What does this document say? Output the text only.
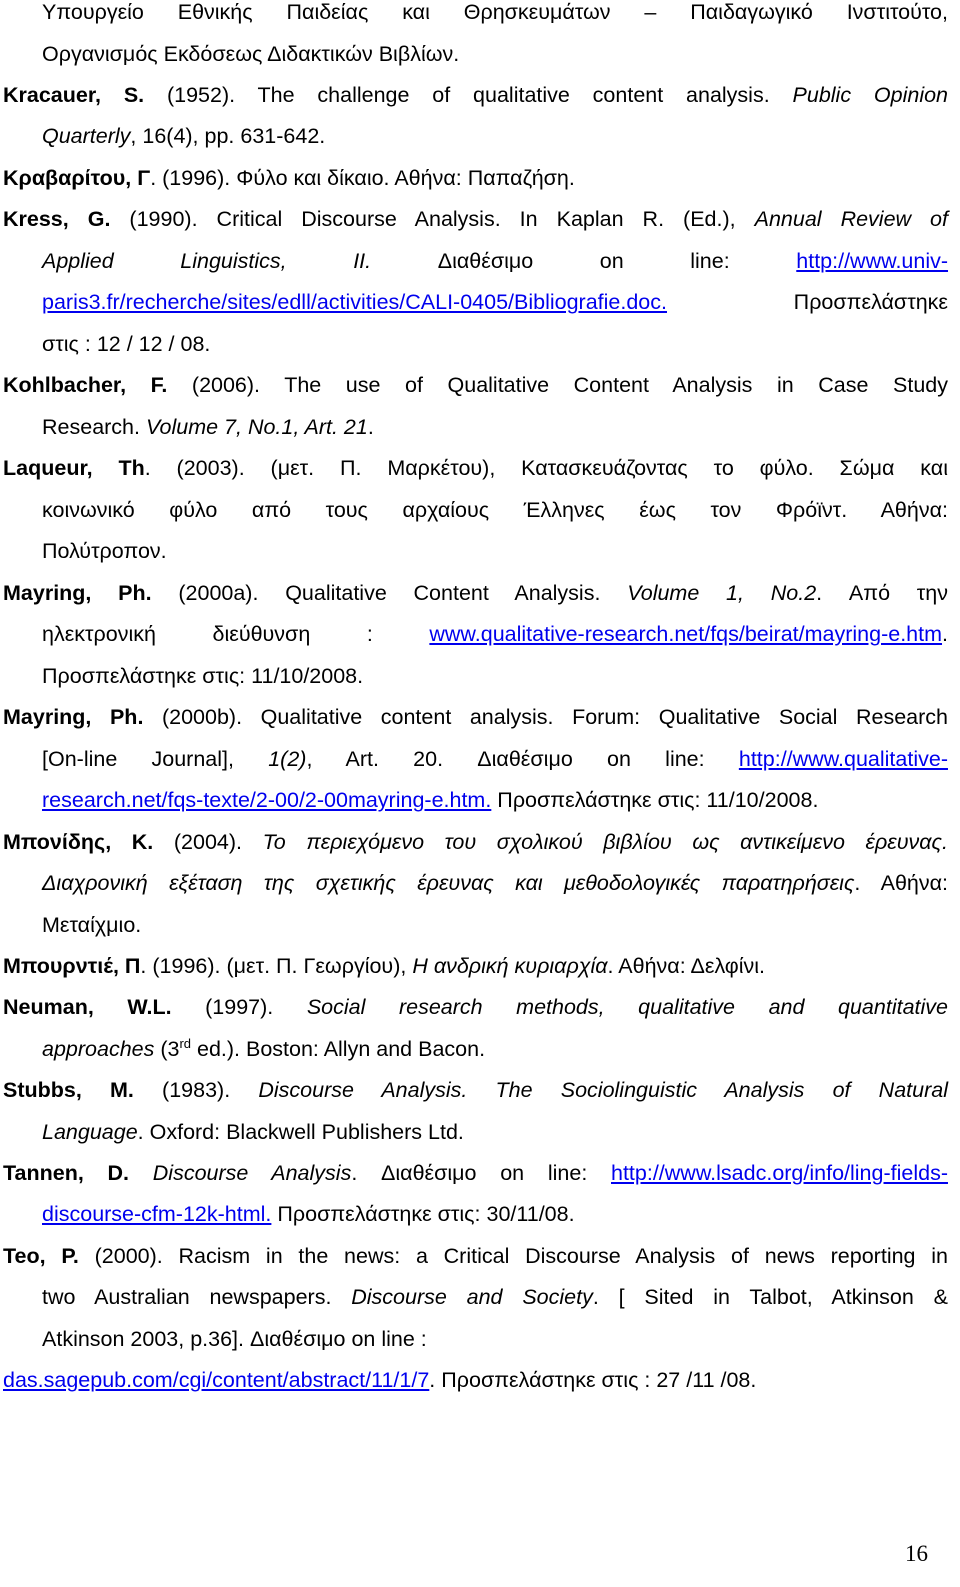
Υπουργείο Εθνικής Παιδείας και Θρησκευμάτων – Παιδαγωγικό Ινστιτούτο,
Οργανισμός Εκδόσεως Διδακτικών Βιβλίων.
Kracauer, S. (1952). The challenge of qualitative content analysis. Public Opinion
Quarterly, 16(4), pp. 631-642.
Κραβαρίτου, Γ. (1996). Φύλο και δίκαιο. Αθήνα: Παπαζήση.
Kress, G. (1990). Critical Discourse Analysis. In Kaplan R. (Ed.), Annual Review of
Applied Linguistics, II. Διαθέσιμο on line: http://www.univ-
paris3.fr/recherche/sites/edll/activities/CALI-0405/Bibliografie.doc. Προσπελάστηκε
στις : 12 / 12 / 08.
Kohlbacher, F. (2006). The use of Qualitative Content Analysis in Case Study
Research. Volume 7, No.1, Art. 21.
Laqueur, Th. (2003). (μετ. Π. Μαρκέτου), Κατασκευάζοντας το φύλο. Σώμα και
κοινωνικό φύλο από τους αρχαίους Έλληνες έως τον Φρόϊντ. Αθήνα:
Πολύτροπον.
Mayring, Ph. (2000a). Qualitative Content Analysis. Volume 1, No.2. Από την
ηλεκτρονική διεύθυνση : www.qualitative-research.net/fqs/beirat/mayring-e.htm.
Προσπελάστηκε στις: 11/10/2008.
Mayring, Ph. (2000b). Qualitative content analysis. Forum: Qualitative Social Research
[On-line Journal], 1(2), Art. 20. Διαθέσιμο on line: http://www.qualitative-
research.net/fqs-texte/2-00/2-00mayring-e.htm. Προσπελάστηκε στις: 11/10/2008.
Μπονίδης, Κ. (2004). Το περιεχόμενο του σχολικού βιβλίου ως αντικείμενο έρευνας.
Διαχρονική εξέταση της σχετικής έρευνας και μεθοδολογικές παρατηρήσεις. Αθήνα:
Μεταίχμιο.
Μπουρντιέ, Π. (1996). (μετ. Π. Γεωργίου), Η ανδρική κυριαρχία. Αθήνα: Δελφίνι.
Neuman, W.L. (1997). Social research methods, qualitative and quantitative
approaches (3rd ed.). Boston: Allyn and Bacon.
Stubbs, M. (1983). Discourse Analysis. The Sociolinguistic Analysis of Natural
Language. Oxford: Blackwell Publishers Ltd.
Tannen, D. Discourse Analysis. Διαθέσιμο on line: http://www.lsadc.org/info/ling-fields-
discourse-cfm-12k-html. Προσπελάστηκε στις: 30/11/08.
Teo, P. (2000). Racism in the news: a Critical Discourse Analysis of news reporting in
two Australian newspapers. Discourse and Society. [ Sited in Talbot, Atkinson &
Atkinson 2003, p.36]. Διαθέσιμο on line :
das.sagepub.com/cgi/content/abstract/11/1/7. Προσπελάστηκε στις : 27 /11 /08.
16
